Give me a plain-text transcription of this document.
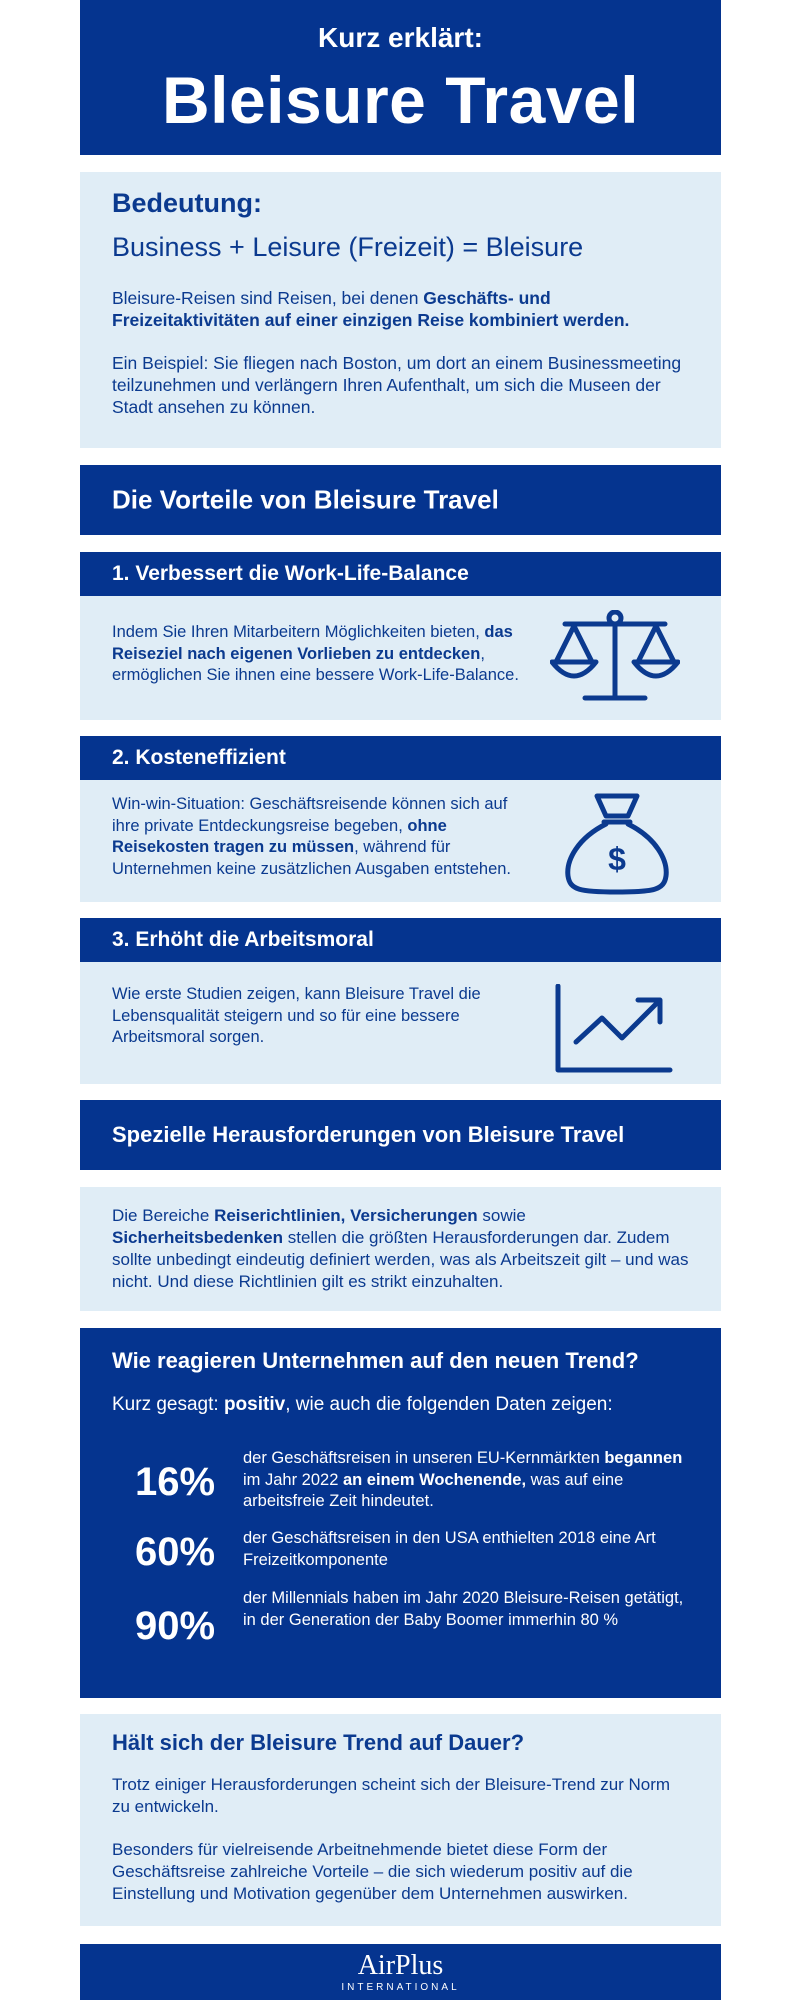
Kurz erklärt:
Bleisure Travel
Bedeutung:
Business + Leisure (Freizeit) = Bleisure
Bleisure-Reisen sind Reisen, bei denen Geschäfts- und Freizeitaktivitäten auf einer einzigen Reise kombiniert werden.
Ein Beispiel: Sie fliegen nach Boston, um dort an einem Businessmeeting teilzunehmen und verlängern Ihren Aufenthalt, um sich die Museen der Stadt ansehen zu können.
Die Vorteile von Bleisure Travel
1. Verbessert die Work-Life-Balance

Indem Sie Ihren Mitarbeitern Möglichkeiten bieten, das Reiseziel nach eigenen Vorlieben zu entdecken, ermöglichen Sie ihnen eine bessere Work-Life-Balance.

2. Kosteneffizient

Win-win-Situation: Geschäftsreisende können sich auf ihre private Entdeckungsreise begeben, ohne Reisekosten tragen zu müssen, während für Unternehmen keine zusätzlichen Ausgaben entstehen.	$
3. Erhöht die Arbeitsmoral

Wie erste Studien zeigen, kann Bleisure Travel die Lebensqualität steigern und so für eine bessere Arbeitsmoral sorgen.

Spezielle Herausforderungen von Bleisure Travel

Die Bereiche Reiserichtlinien, Versicherungen sowie Sicherheitsbedenken stellen die größten Herausforderungen dar. Zudem sollte unbedingt eindeutig definiert werden, was als Arbeitszeit gilt – und was nicht. Und diese Richtlinien gilt es strikt einzuhalten.

Wie reagieren Unternehmen auf den neuen Trend?
Kurz gesagt: positiv, wie auch die folgenden Daten zeigen:
16%
der Geschäftsreisen in unseren EU-Kernmärkten begannen im Jahr 2022 an einem Wochenende, was auf eine arbeitsfreie Zeit hindeutet.
60% der Geschäftsreisen in den USA enthielten 2018 eine Art Freizeitkomponente
90%
der Millennials haben im Jahr 2020 Bleisure-Reisen getätigt, in der Generation der Baby Boomer immerhin 80 %
Hält sich der Bleisure Trend auf Dauer?
Trotz einiger Herausforderungen scheint sich der Bleisure-Trend zur Norm zu entwickeln.
Besonders für vielreisende Arbeitnehmende bietet diese Form der Geschäftsreise zahlreiche Vorteile – die sich wiederum positiv auf die Einstellung und Motivation gegenüber dem Unternehmen auswirken.
AirPlus
INTERNATIONAL
